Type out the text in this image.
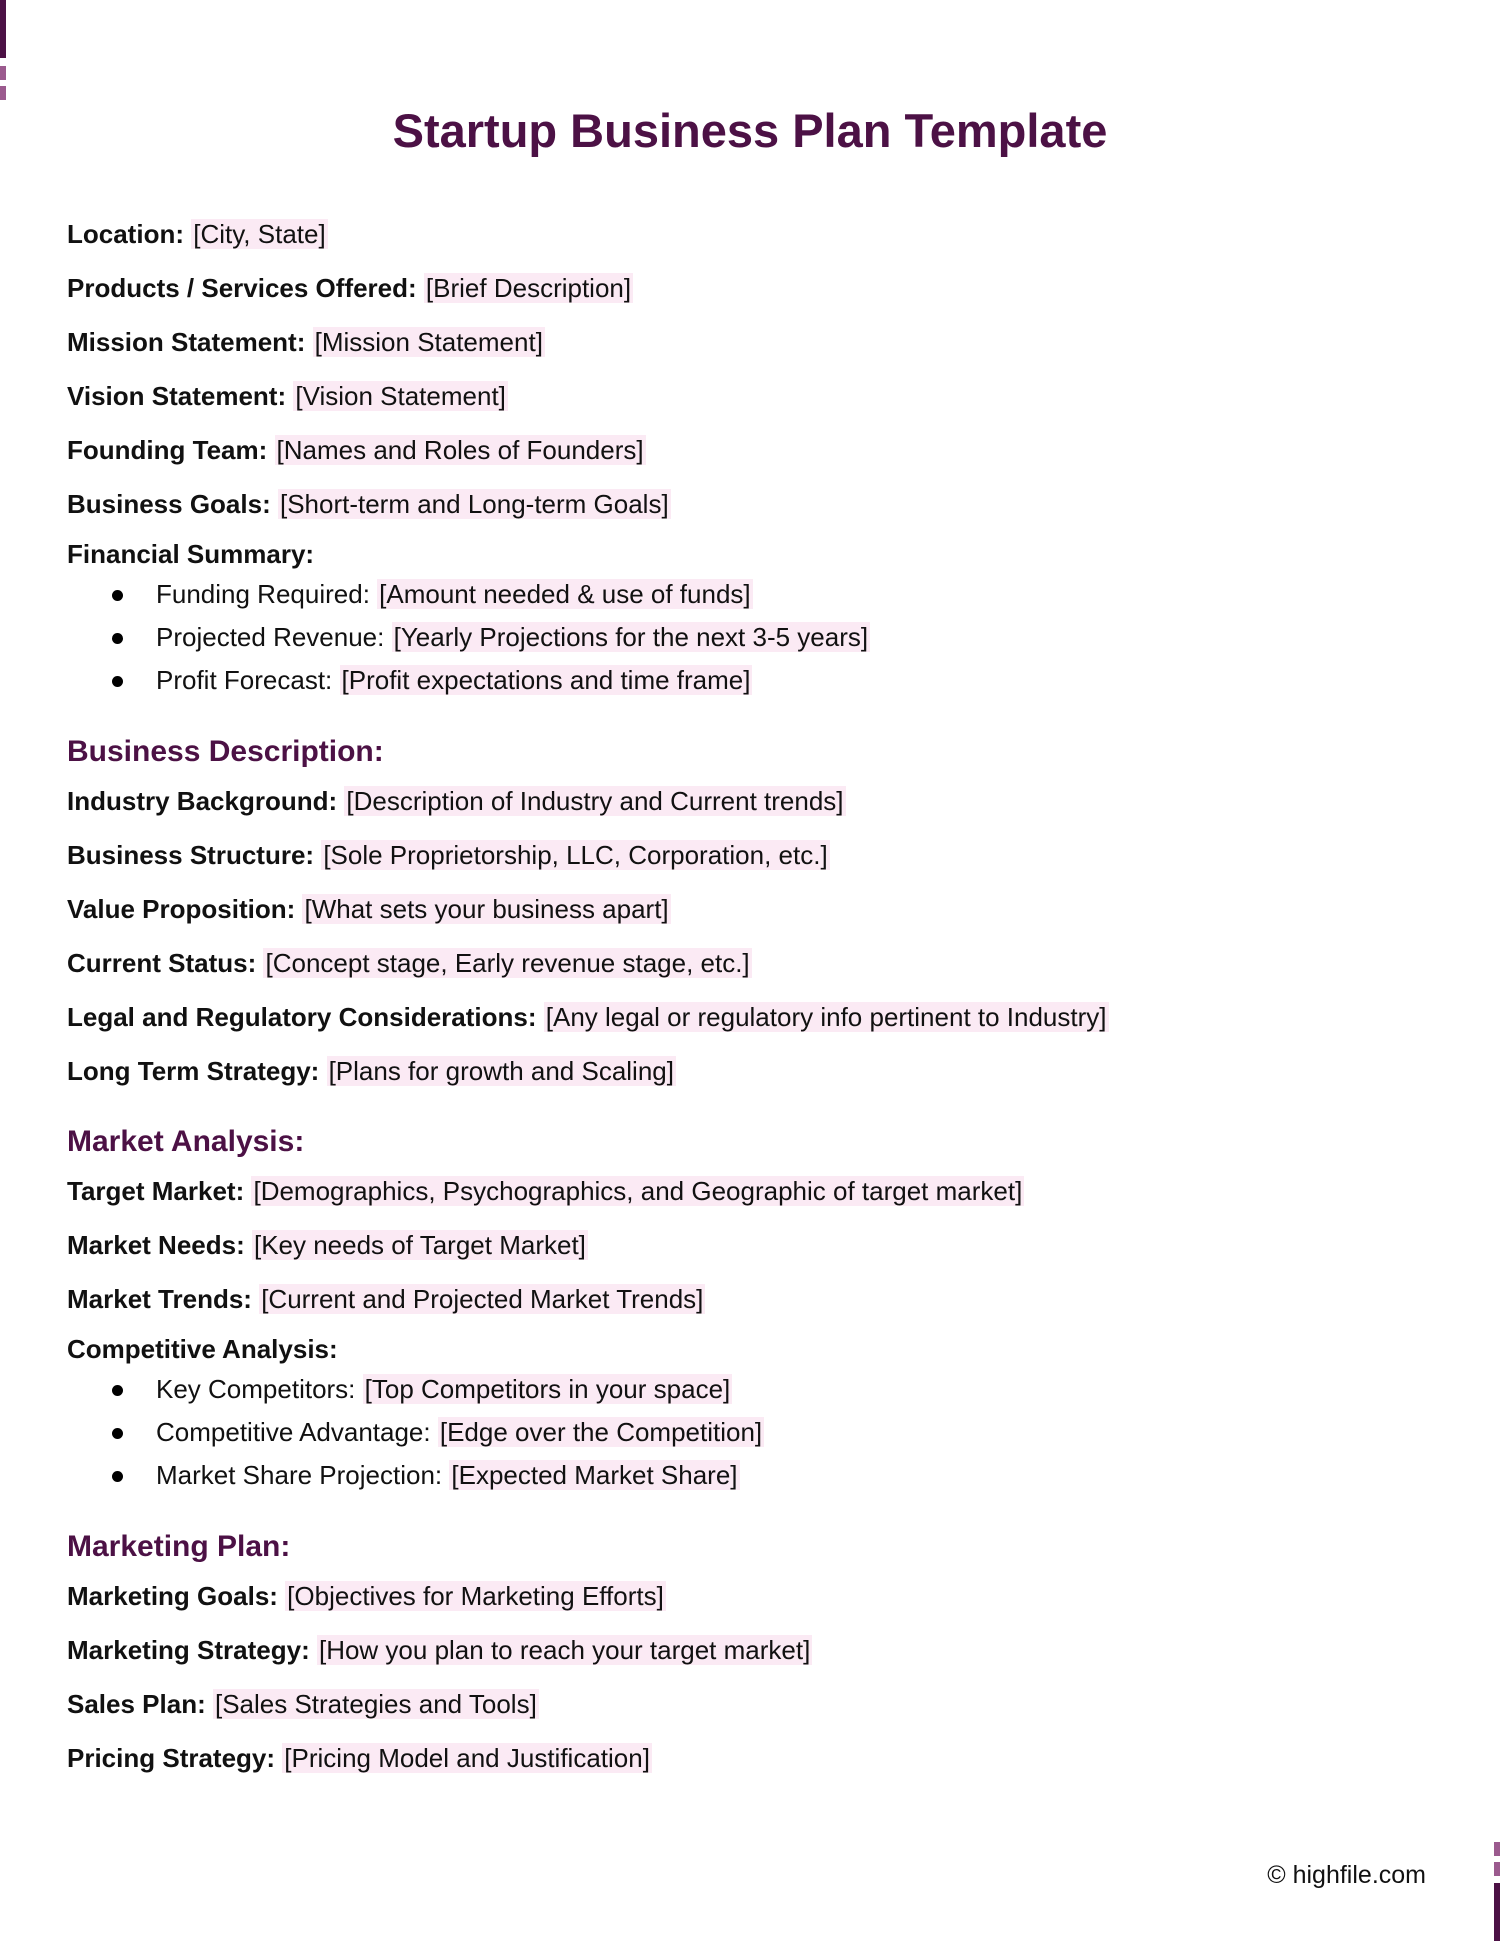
Startup Business Plan Template
Location: [City, State]
Products / Services Offered: [Brief Description]
Mission Statement: [Mission Statement]
Vision Statement: [Vision Statement]
Founding Team: [Names and Roles of Founders]
Business Goals: [Short-term and Long-term Goals]
Financial Summary:
Funding Required: [Amount needed & use of funds]
Projected Revenue: [Yearly Projections for the next 3-5 years]
Profit Forecast: [Profit expectations and time frame]
Business Description:
Industry Background: [Description of Industry and Current trends]
Business Structure: [Sole Proprietorship, LLC, Corporation, etc.]
Value Proposition: [What sets your business apart]
Current Status: [Concept stage, Early revenue stage, etc.]
Legal and Regulatory Considerations: [Any legal or regulatory info pertinent to Industry]
Long Term Strategy: [Plans for growth and Scaling]
Market Analysis:
Target Market: [Demographics, Psychographics, and Geographic of target market]
Market Needs: [Key needs of Target Market]
Market Trends: [Current and Projected Market Trends]
Competitive Analysis:
Key Competitors: [Top Competitors in your space]
Competitive Advantage: [Edge over the Competition]
Market Share Projection: [Expected Market Share]
Marketing Plan:
Marketing Goals: [Objectives for Marketing Efforts]
Marketing Strategy: [How you plan to reach your target market]
Sales Plan: [Sales Strategies and Tools]
Pricing Strategy: [Pricing Model and Justification]
© highfile.com
